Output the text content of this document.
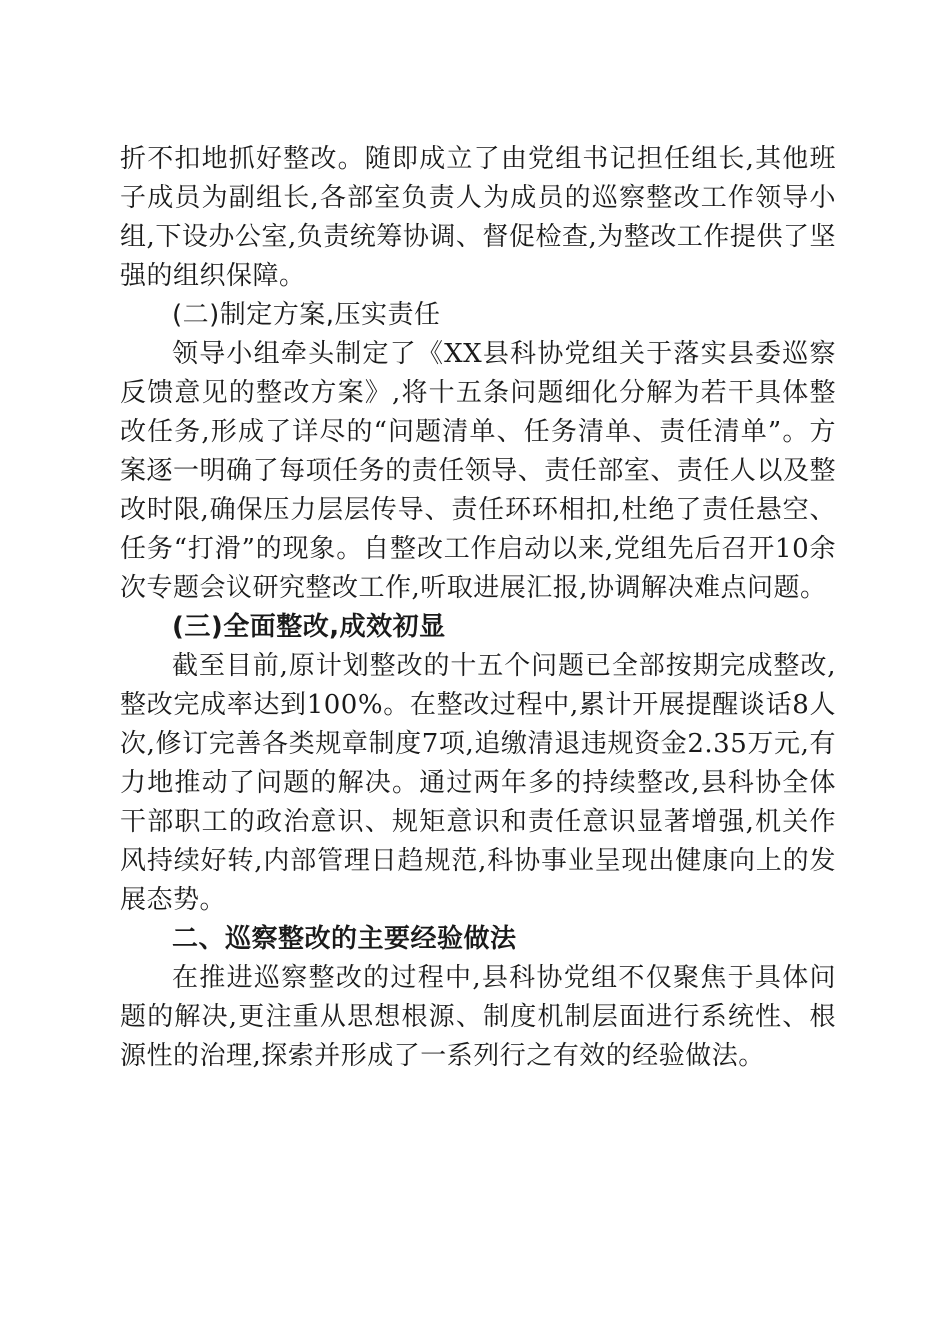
折不扣地抓好整改。随即成立了由党组书记担任组长,其他班子成员为副组长,各部室负责人为成员的巡察整改工作领导小组,下设办公室,负责统筹协调、督促检查,为整改工作提供了坚强的组织保障。

(二)制定方案,压实责任

领导小组牵头制定了《XX县科协党组关于落实县委巡察反馈意见的整改方案》,将十五条问题细化分解为若干具体整改任务,形成了详尽的“问题清单、任务清单、责任清单”。方案逐一明确了每项任务的责任领导、责任部室、责任人以及整改时限,确保压力层层传导、责任环环相扣,杜绝了责任悬空、任务“打滑”的现象。自整改工作启动以来,党组先后召开10余次专题会议研究整改工作,听取进展汇报,协调解决难点问题。

(三)全面整改,成效初显

截至目前,原计划整改的十五个问题已全部按期完成整改,整改完成率达到100%。在整改过程中,累计开展提醒谈话8人次,修订完善各类规章制度7项,追缴清退违规资金2.35万元,有力地推动了问题的解决。通过两年多的持续整改,县科协全体干部职工的政治意识、规矩意识和责任意识显著增强,机关作风持续好转,内部管理日趋规范,科协事业呈现出健康向上的发展态势。

二、巡察整改的主要经验做法

在推进巡察整改的过程中,县科协党组不仅聚焦于具体问题的解决,更注重从思想根源、制度机制层面进行系统性、根源性的治理,探索并形成了一系列行之有效的经验做法。
